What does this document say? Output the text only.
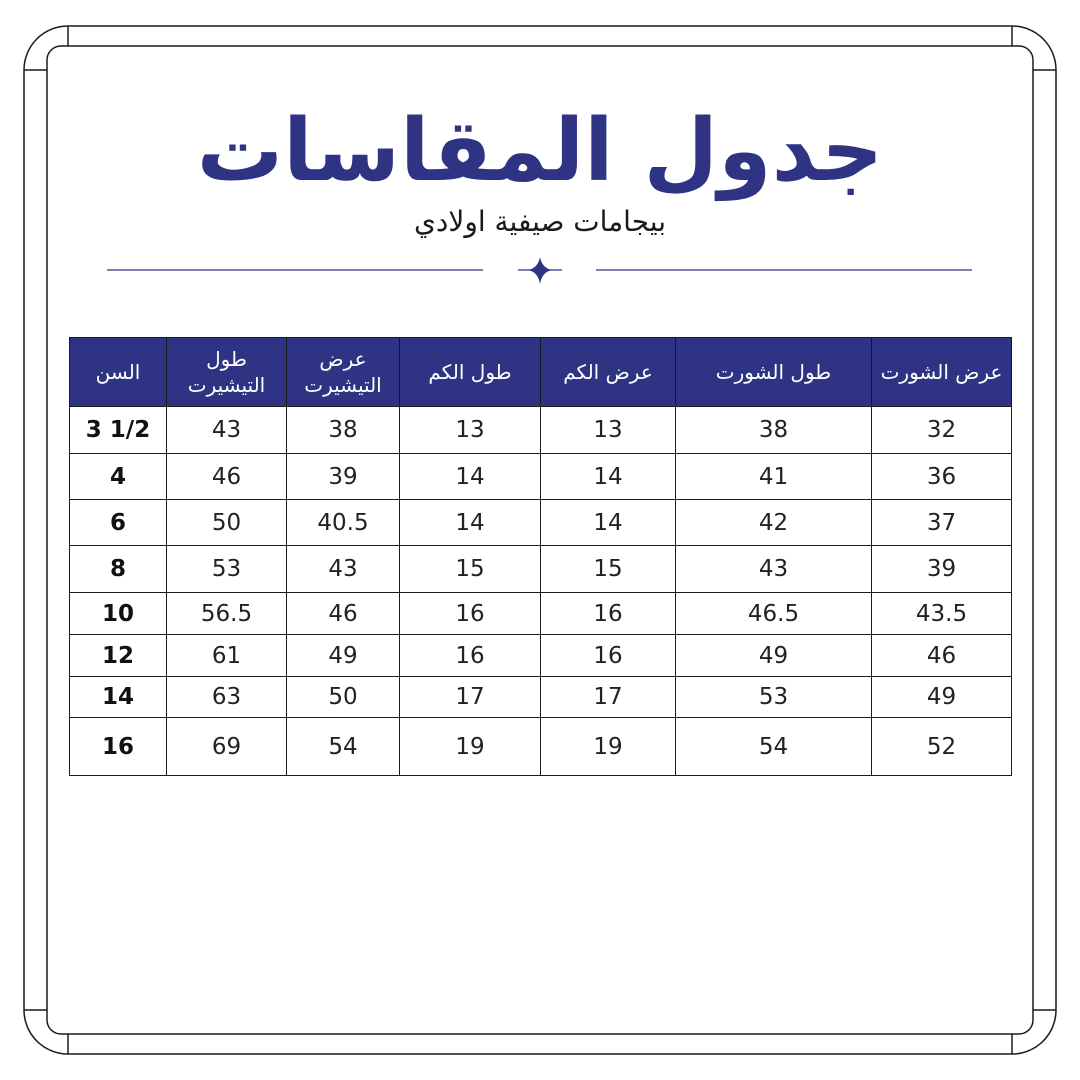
جدول المقاسات
بيجامات صيفية اولادي
السن	طول التيشيرت	عرض التيشيرت	طول الكم	عرض الكم	طول الشورت	عرض الشورت
3 1/2	43	38	13	13	38	32
4	46	39	14	14	41	36
6	50	40.5	14	14	42	37
8	53	43	15	15	43	39
10	56.5	46	16	16	46.5	43.5
12	61	49	16	16	49	46
14	63	50	17	17	53	49
16	69	54	19	19	54	52
